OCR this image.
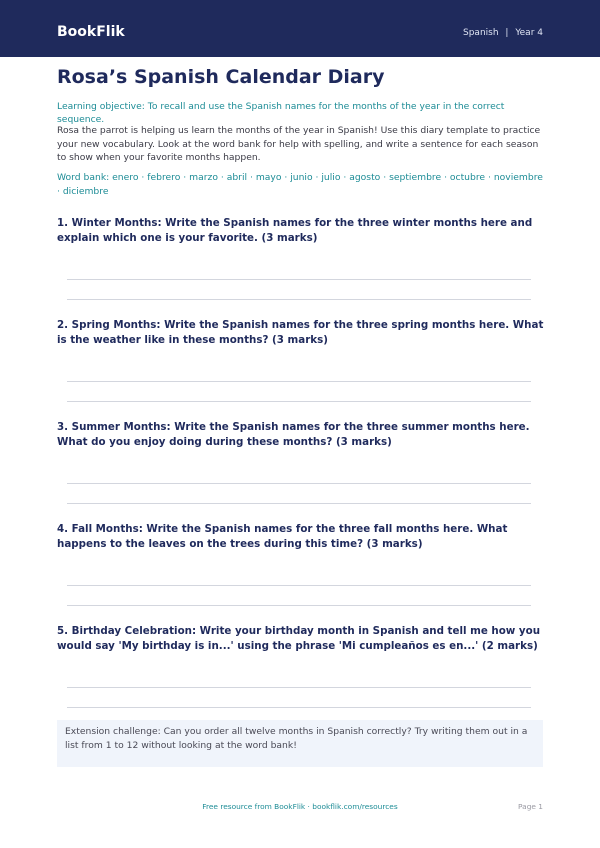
BookFlik	Spanish | Year 4
Rosa’s Spanish Calendar Diary
Learning objective: To recall and use the Spanish names for the months of the year in the correct sequence.
Rosa the parrot is helping us learn the months of the year in Spanish! Use this diary template to practice your new vocabulary. Look at the word bank for help with spelling, and write a sentence for each season to show when your favorite months happen.
Word bank: enero · febrero · marzo · abril · mayo · junio · julio · agosto · septiembre · octubre · noviembre · diciembre
1. Winter Months: Write the Spanish names for the three winter months here and explain which one is your favorite. (3 marks)
2. Spring Months: Write the Spanish names for the three spring months here. What is the weather like in these months? (3 marks)
3. Summer Months: Write the Spanish names for the three summer months here. What do you enjoy doing during these months? (3 marks)
4. Fall Months: Write the Spanish names for the three fall months here. What happens to the leaves on the trees during this time? (3 marks)
5. Birthday Celebration: Write your birthday month in Spanish and tell me how you would say 'My birthday is in...' using the phrase 'Mi cumpleaños es en...' (2 marks)
Extension challenge: Can you order all twelve months in Spanish correctly? Try writing them out in a list from 1 to 12 without looking at the word bank!
Free resource from BookFlik · bookflik.com/resources	Page 1
